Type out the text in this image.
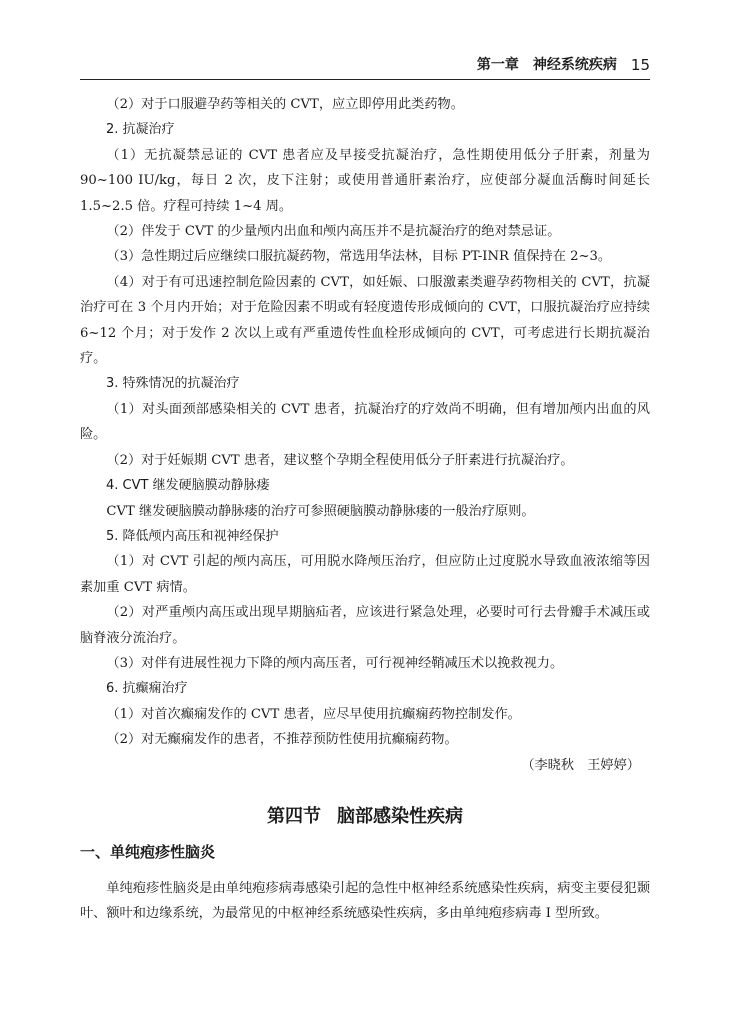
第一章　神经系统疾病 15

（2）对于口服避孕药等相关的 CVT，应立即停用此类药物。

2. 抗凝治疗

（1）无抗凝禁忌证的 CVT 患者应及早接受抗凝治疗，急性期使用低分子肝素，剂量为 90~100 IU/kg，每日 2 次，皮下注射；或使用普通肝素治疗，应使部分凝血活酶时间延长 1.5~2.5 倍。疗程可持续 1~4 周。

（2）伴发于 CVT 的少量颅内出血和颅内高压并不是抗凝治疗的绝对禁忌证。

（3）急性期过后应继续口服抗凝药物，常选用华法林，目标 PT-INR 值保持在 2~3。

（4）对于有可迅速控制危险因素的 CVT，如妊娠、口服激素类避孕药物相关的 CVT，抗凝治疗可在 3 个月内开始；对于危险因素不明或有轻度遗传形成倾向的 CVT，口服抗凝治疗应持续 6~12 个月；对于发作 2 次以上或有严重遗传性血栓形成倾向的 CVT，可考虑进行长期抗凝治疗。

3. 特殊情况的抗凝治疗

（1）对头面颈部感染相关的 CVT 患者，抗凝治疗的疗效尚不明确，但有增加颅内出血的风险。

（2）对于妊娠期 CVT 患者，建议整个孕期全程使用低分子肝素进行抗凝治疗。

4. CVT 继发硬脑膜动静脉瘘

CVT 继发硬脑膜动静脉瘘的治疗可参照硬脑膜动静脉瘘的一般治疗原则。

5. 降低颅内高压和视神经保护

（1）对 CVT 引起的颅内高压，可用脱水降颅压治疗，但应防止过度脱水导致血液浓缩等因素加重 CVT 病情。

（2）对严重颅内高压或出现早期脑疝者，应该进行紧急处理，必要时可行去骨瓣手术减压或脑脊液分流治疗。

（3）对伴有进展性视力下降的颅内高压者，可行视神经鞘减压术以挽救视力。

6. 抗癫痫治疗

（1）对首次癫痫发作的 CVT 患者，应尽早使用抗癫痫药物控制发作。

（2）对无癫痫发作的患者，不推荐预防性使用抗癫痫药物。

（李晓秋　王婷婷）

第四节 脑部感染性疾病
一、单纯疱疹性脑炎

单纯疱疹性脑炎是由单纯疱疹病毒感染引起的急性中枢神经系统感染性疾病，病变主要侵犯颞叶、额叶和边缘系统，为最常见的中枢神经系统感染性疾病，多由单纯疱疹病毒 I 型所致。
